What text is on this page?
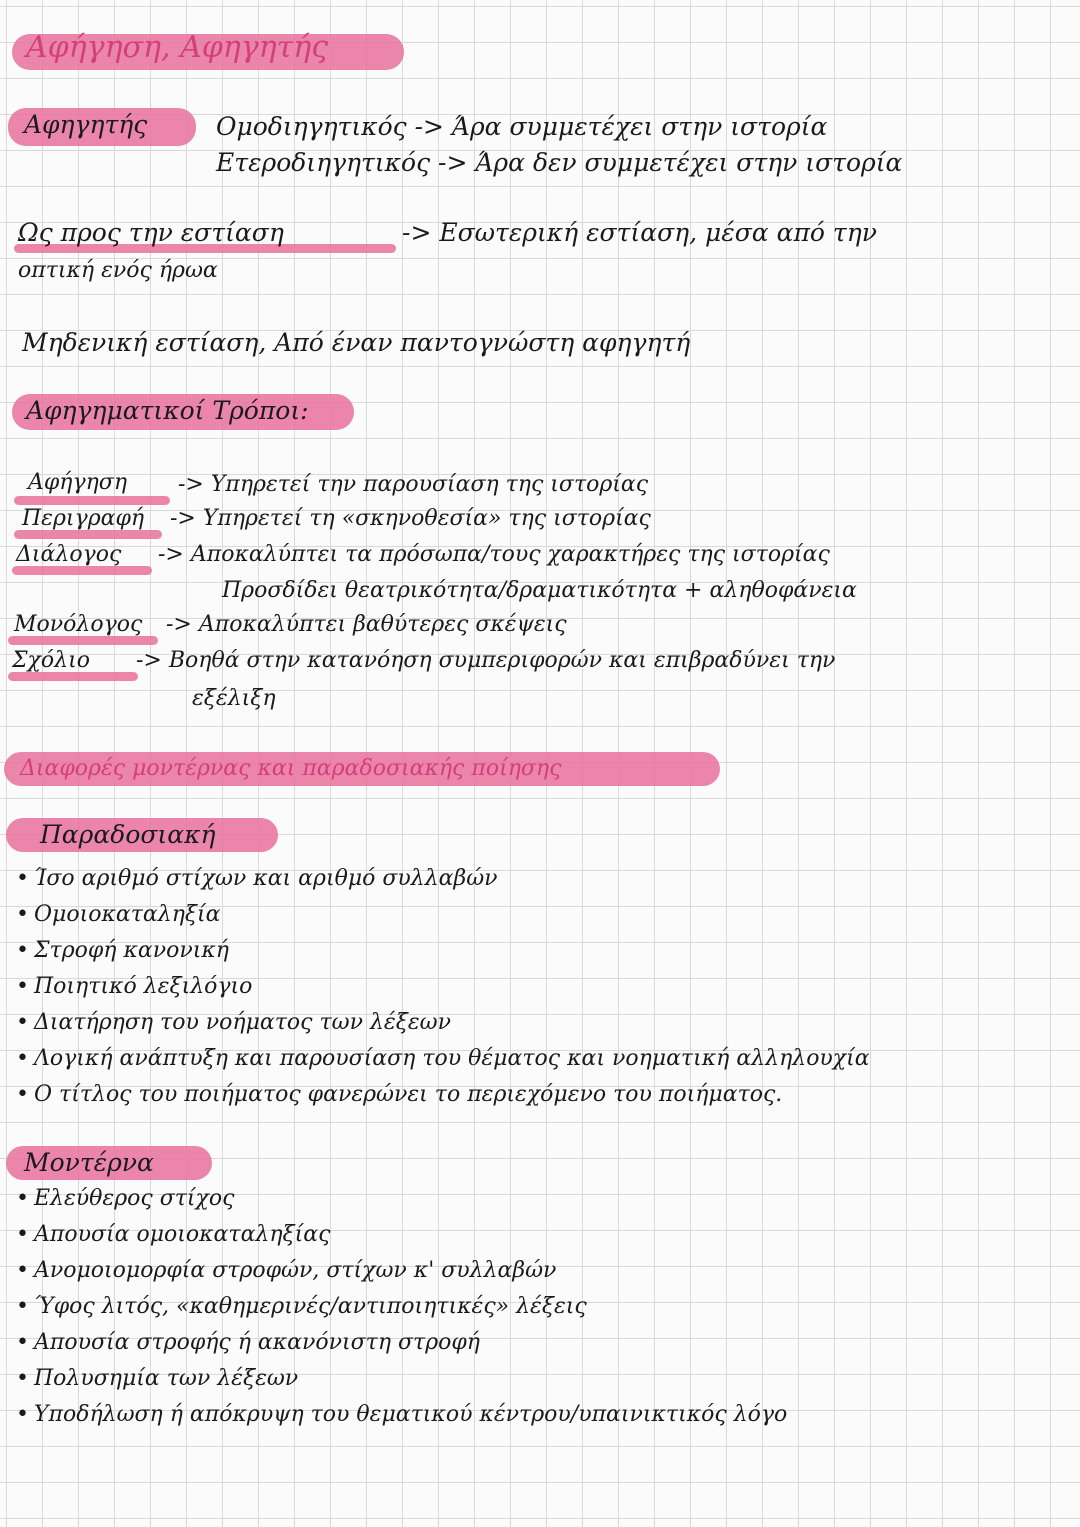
Αφήγηση, Αφηγητής
Αφηγητής	Ομοδιηγητικός -> Άρα συμμετέχει στην ιστορία
Ετεροδιηγητικός -> Άρα δεν συμμετέχει στην ιστορία
Ως προς την εστίαση	-> Εσωτερική εστίαση, μέσα από την
οπτική ενός ήρωα
Μηδενική εστίαση, Από έναν παντογνώστη αφηγητή
Αφηγηματικοί Τρόποι:
Αφήγηση -> Υπηρετεί την παρουσίαση της ιστορίας
Περιγραφή -> Υπηρετεί τη «σκηνοθεσία» της ιστορίας
Διάλογος -> Αποκαλύπτει τα πρόσωπα/τους χαρακτήρες της ιστορίας
Προσδίδει θεατρικότητα/δραματικότητα + αληθοφάνεια
Μονόλογος -> Αποκαλύπτει βαθύτερες σκέψεις
Σχόλιο -> Βοηθά στην κατανόηση συμπεριφορών και επιβραδύνει την
εξέλιξη
Διαφορές μοντέρνας και παραδοσιακής ποίησης
Παραδοσιακή
• Ίσο αριθμό στίχων και αριθμό συλλαβών
• Ομοιοκαταληξία
• Στροφή κανονική
• Ποιητικό λεξιλόγιο
• Διατήρηση του νοήματος των λέξεων
• Λογική ανάπτυξη και παρουσίαση του θέματος και νοηματική αλληλουχία
• Ο τίτλος του ποιήματος φανερώνει το περιεχόμενο του ποιήματος.
Μοντέρνα
• Ελεύθερος στίχος
• Απουσία ομοιοκαταληξίας
• Ανομοιομορφία στροφών, στίχων κ' συλλαβών
• Ύφος λιτός, «καθημερινές/αντιποιητικές» λέξεις
• Απουσία στροφής ή ακανόνιστη στροφή
• Πολυσημία των λέξεων
• Υποδήλωση ή απόκρυψη του θεματικού κέντρου/υπαινικτικός λόγο
